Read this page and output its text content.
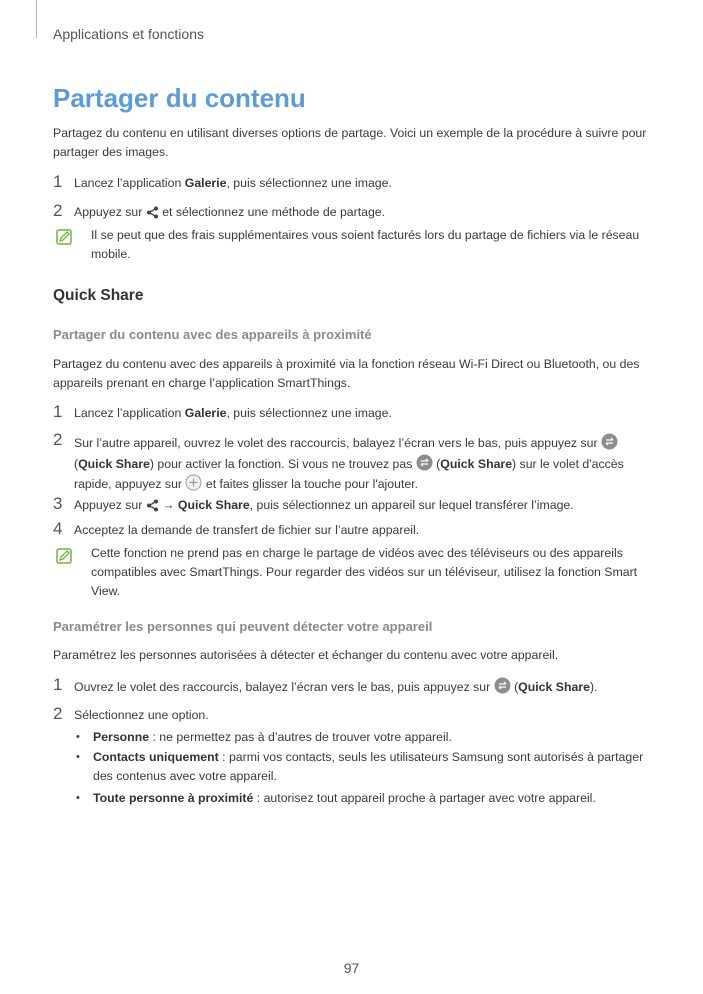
Applications et fonctions
Partager du contenu
Partagez du contenu en utilisant diverses options de partage. Voici un exemple de la procédure à suivre pour partager des images.
1 Lancez l’application Galerie, puis sélectionnez une image.
2 Appuyez sur  et sélectionnez une méthode de partage.
Il se peut que des frais supplémentaires vous soient facturés lors du partage de fichiers via le réseau mobile.
Quick Share
Partager du contenu avec des appareils à proximité
Partagez du contenu avec des appareils à proximité via la fonction réseau Wi-Fi Direct ou Bluetooth, ou des appareils prenant en charge l’application SmartThings.
1 Lancez l’application Galerie, puis sélectionnez une image.
2 Sur l’autre appareil, ouvrez le volet des raccourcis, balayez l’écran vers le bas, puis appuyez sur  (Quick Share) pour activer la fonction. Si vous ne trouvez pas  (Quick Share) sur le volet d'accès rapide, appuyez sur  et faites glisser la touche pour l'ajouter.
3 Appuyez sur  → Quick Share, puis sélectionnez un appareil sur lequel transférer l’image.
4 Acceptez la demande de transfert de fichier sur l’autre appareil.
Cette fonction ne prend pas en charge le partage de vidéos avec des téléviseurs ou des appareils compatibles avec SmartThings. Pour regarder des vidéos sur un téléviseur, utilisez la fonction Smart View.
Paramétrer les personnes qui peuvent détecter votre appareil
Paramétrez les personnes autorisées à détecter et échanger du contenu avec votre appareil.
1 Ouvrez le volet des raccourcis, balayez l’écran vers le bas, puis appuyez sur  (Quick Share).
2 Sélectionnez une option.
• Personne : ne permettez pas à d’autres de trouver votre appareil.
• Contacts uniquement : parmi vos contacts, seuls les utilisateurs Samsung sont autorisés à partager des contenus avec votre appareil.
• Toute personne à proximité : autorisez tout appareil proche à partager avec votre appareil.
97
